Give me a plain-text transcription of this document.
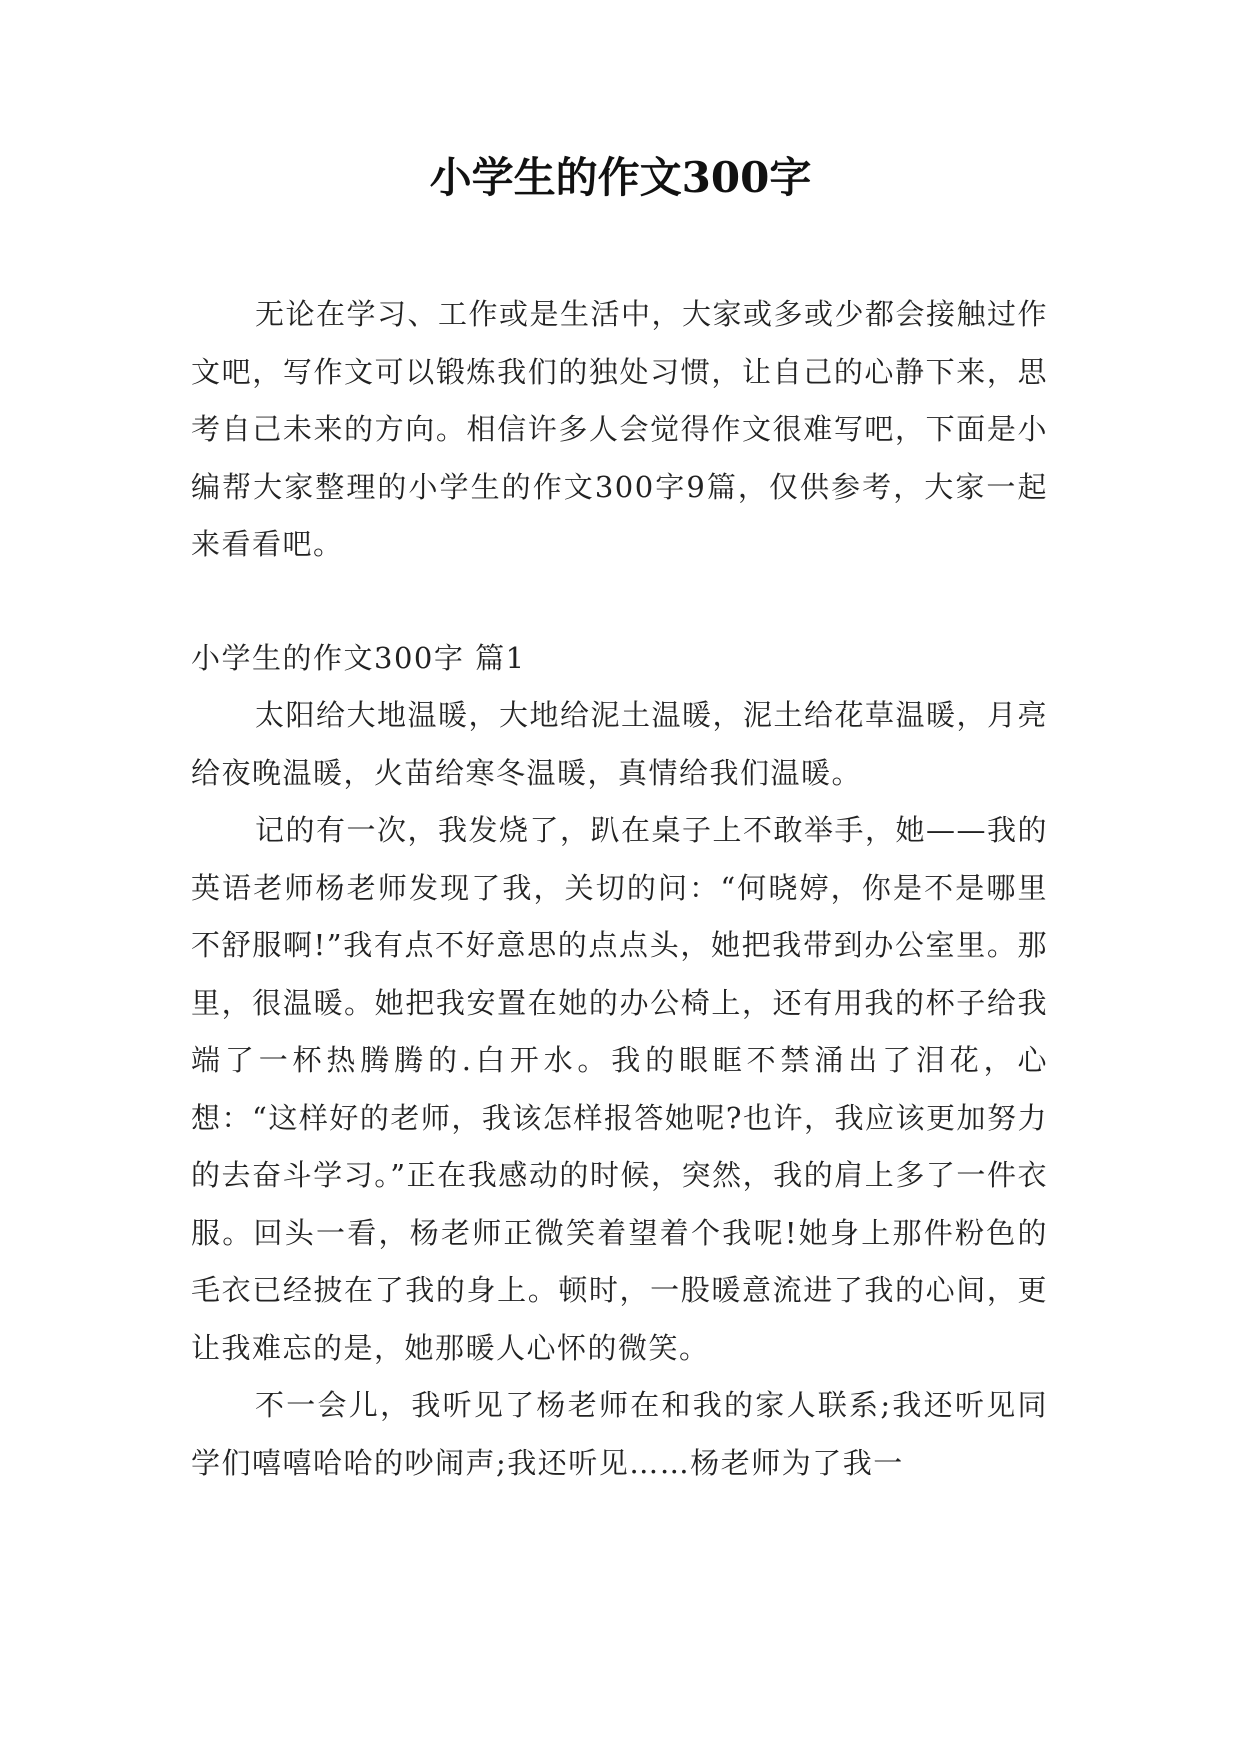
小学生的作文300字

无论在学习、工作或是生活中，大家或多或少都会接触过作文吧，写作文可以锻炼我们的独处习惯，让自己的心静下来，思考自己未来的方向。相信许多人会觉得作文很难写吧，下面是小编帮大家整理的小学生的作文300字9篇，仅供参考，大家一起来看看吧。

小学生的作文300字 篇1

太阳给大地温暖，大地给泥土温暖，泥土给花草温暖，月亮给夜晚温暖，火苗给寒冬温暖，真情给我们温暖。

记的有一次，我发烧了，趴在桌子上不敢举手，她——我的英语老师杨老师发现了我，关切的问：“何晓婷，你是不是哪里不舒服啊!”我有点不好意思的点点头，她把我带到办公室里。那里，很温暖。她把我安置在她的办公椅上，还有用我的杯子给我端了一杯热腾腾的.白开水。我的眼眶不禁涌出了泪花，心想：“这样好的老师，我该怎样报答她呢?也许，我应该更加努力的去奋斗学习。”正在我感动的时候，突然，我的肩上多了一件衣服。回头一看，杨老师正微笑着望着个我呢!她身上那件粉色的毛衣已经披在了我的身上。顿时，一股暖意流进了我的心间，更让我难忘的是，她那暖人心怀的微笑。

不一会儿，我听见了杨老师在和我的家人联系;我还听见同学们嘻嘻哈哈的吵闹声;我还听见……杨老师为了我一
